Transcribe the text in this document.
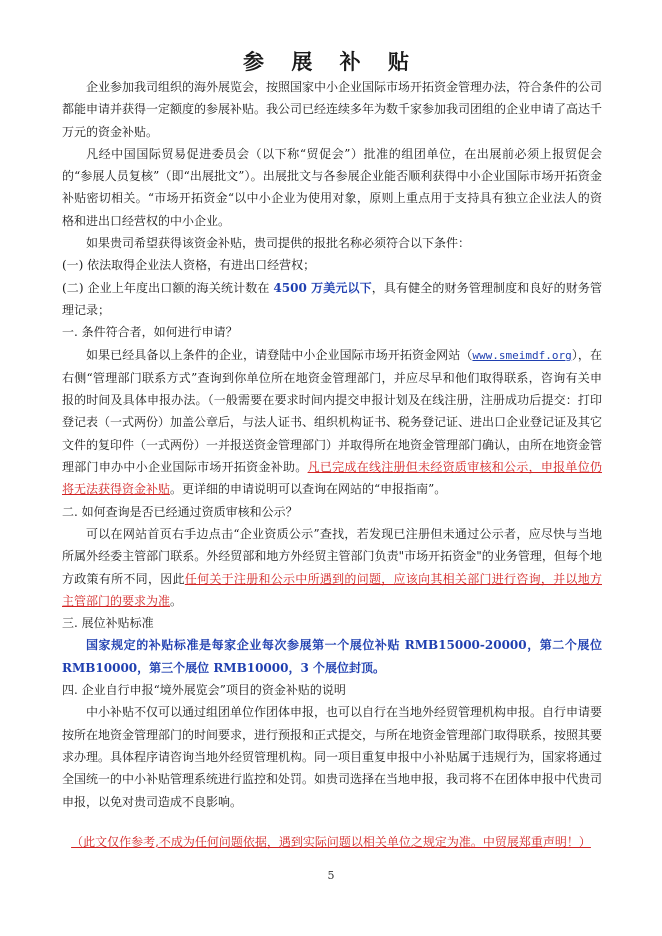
参 展 补 贴

企业参加我司组织的海外展览会，按照国家中小企业国际市场开拓资金管理办法，符合条件的公司都能申请并获得一定额度的参展补贴。我公司已经连续多年为数千家参加我司团组的企业申请了高达千万元的资金补贴。

凡经中国国际贸易促进委员会（以下称“贸促会”）批准的组团单位，在出展前必须上报贸促会的“参展人员复核”（即“出展批文”）。出展批文与各参展企业能否顺利获得中小企业国际市场开拓资金补贴密切相关。“市场开拓资金“以中小企业为使用对象，原则上重点用于支持具有独立企业法人的资格和进出口经营权的中小企业。

如果贵司希望获得该资金补贴，贵司提供的报批名称必须符合以下条件：

(一) 依法取得企业法人资格，有进出口经营权；

(二) 企业上年度出口额的海关统计数在 4500 万美元以下，具有健全的财务管理制度和良好的财务管理记录；

一. 条件符合者，如何进行申请？

如果已经具备以上条件的企业，请登陆中小企业国际市场开拓资金网站（www.smeimdf.org），在右侧“管理部门联系方式”查询到你单位所在地资金管理部门，并应尽早和他们取得联系，咨询有关申报的时间及具体申报办法。（一般需要在要求时间内提交申报计划及在线注册，注册成功后提交：打印登记表（一式两份）加盖公章后，与法人证书、组织机构证书、税务登记证、进出口企业登记证及其它文件的复印件（一式两份）一并报送资金管理部门）并取得所在地资金管理部门确认，由所在地资金管理部门申办中小企业国际市场开拓资金补助。凡已完成在线注册但未经资质审核和公示，申报单位仍将无法获得资金补贴。更详细的申请说明可以查询在网站的“申报指南”。

二. 如何查询是否已经通过资质审核和公示？

可以在网站首页右手边点击“企业资质公示”查找，若发现已注册但未通过公示者，应尽快与当地所属外经委主管部门联系。外经贸部和地方外经贸主管部门负责"市场开拓资金"的业务管理，但每个地方政策有所不同，因此任何关于注册和公示中所遇到的问题，应该向其相关部门进行咨询，并以地方主管部门的要求为准。

三. 展位补贴标准

国家规定的补贴标准是每家企业每次参展第一个展位补贴 RMB15000-20000，第二个展位 RMB10000，第三个展位 RMB10000，3 个展位封顶。

四. 企业自行申报“境外展览会”项目的资金补贴的说明

中小补贴不仅可以通过组团单位作团体申报，也可以自行在当地外经贸管理机构申报。自行申请要按所在地资金管理部门的时间要求，进行预报和正式提交，与所在地资金管理部门取得联系，按照其要求办理。具体程序请咨询当地外经贸管理机构。同一项目重复申报中小补贴属于违规行为，国家将通过全国统一的中小补贴管理系统进行监控和处罚。如贵司选择在当地申报，我司将不在团体申报中代贵司申报，以免对贵司造成不良影响。

（此文仅作参考,不成为任何问题依据，遇到实际问题以相关单位之规定为准。中贸展郑重声明！）
5
